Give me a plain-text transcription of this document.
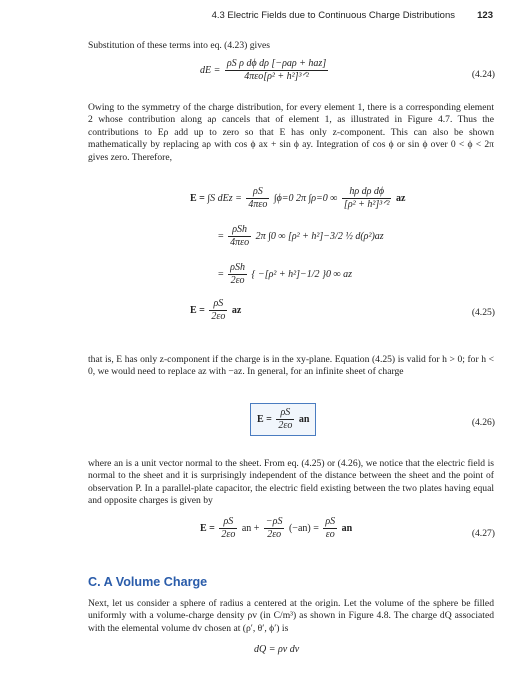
4.3 Electric Fields due to Continuous Charge Distributions 123
Substitution of these terms into eq. (4.23) gives
dE = $\frac{\text{ρS ρ dϕ dρ [−ρaρ + haz]}}{\text{4πεo[ρ² + h²]³ᐟ²}}$	(4.24)
Owing to the symmetry of the charge distribution, for every element 1, there is a corresponding element 2 whose contribution along aρ cancels that of element 1, as illustrated in Figure 4.7. Thus the contributions to Eρ add up to zero so that E has only z-component. This can also be shown mathematically by replacing aρ with cos ϕ ax + sin ϕ ay. Integration of cos ϕ or sin ϕ over 0 < ϕ < 2π gives zero. Therefore,
E = ∫S dEz = $\frac{\rho S}{\text{4πεo}} \int\phi=0$ 2π ∫ρ=0 ∞ $\frac{\text{hρ dρ dϕ}}{\text{[ρ² + h²]³ᐟ²}}$ az
= $\frac{\text{ρSh}}{\text{4πεo}} 2\pi$ ∫0 ∞ [ρ² + h²]−3/2 ½ d(ρ²)az
= $\frac{\text{ρSh}}{2\varepsilon o}$ { −[ρ² + h²]−1/2 }0 ∞ az
$E = \frac{\rho S}{2\varepsilon o}$ az	(4.25)
that is, E has only z-component if the charge is in the xy-plane. Equation (4.25) is valid for h > 0; for h < 0, we would need to replace az with −az. In general, for an infinite sheet of charge
$E = \frac{\rho S}{2\varepsilon o}$ an	(4.26)
where an is a unit vector normal to the sheet. From eq. (4.25) or (4.26), we notice that the electric field is normal to the sheet and it is surprisingly independent of the distance between the sheet and the point of observation P. In a parallel-plate capacitor, the electric field existing between the two plates having equal and opposite charges is given by
$E = \frac{\rho S}{2\varepsilon o}$ an + $\frac{-\rho S}{2\varepsilon o} (-an) = \frac{\rho S}{\varepsilon o}$ an	(4.27)
C. A Volume Charge
Next, let us consider a sphere of radius a centered at the origin. Let the volume of the sphere be filled uniformly with a volume-charge density ρv (in C/m³) as shown in Figure 4.8. The charge dQ associated with the elemental volume dv chosen at (ρ′, θ′, ϕ′) is
dQ = ρv dv
